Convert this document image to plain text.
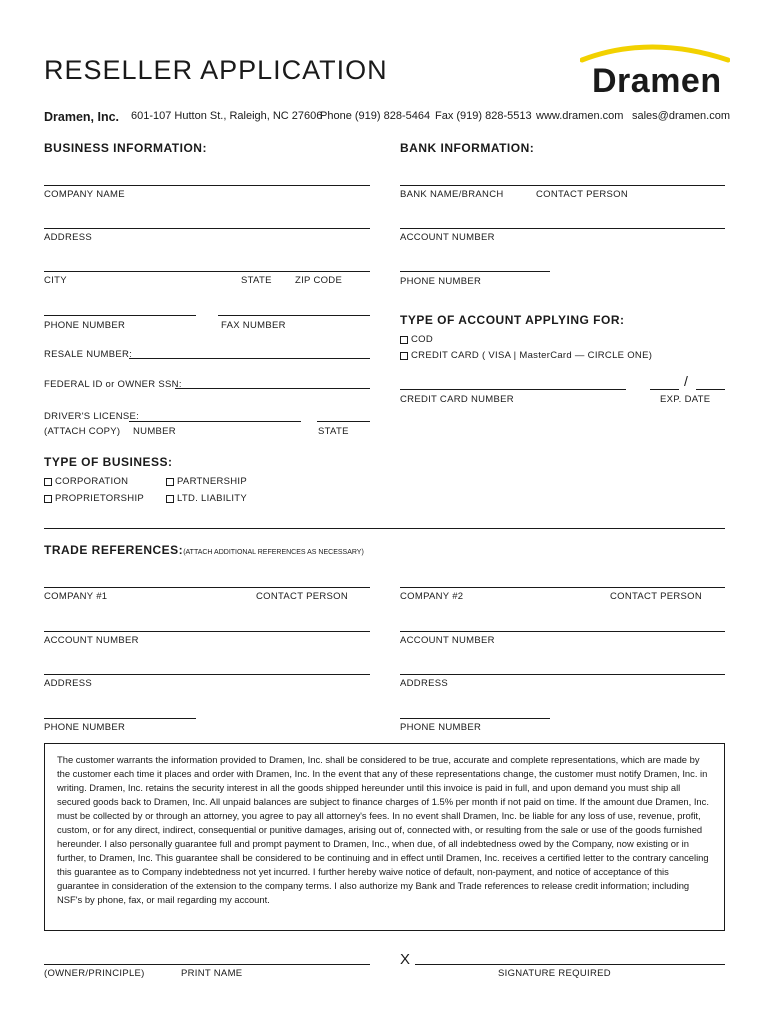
RESELLER APPLICATION	Dramen
Dramen, Inc. 601-107 Hutton St., Raleigh, NC 27606
Phone (919) 828-5464 Fax (919) 828-5513 www.dramen.com sales@dramen.com
BUSINESS INFORMATION:	BANK INFORMATION:
COMPANY NAME
ADDRESS
CITY	STATE ZIP CODE
PHONE NUMBER	FAX NUMBER
RESALE NUMBER:
FEDERAL ID or OWNER SSN:
DRIVER'S LICENSE:
(ATTACH COPY) NUMBER	STATE
TYPE OF BUSINESS:
CORPORATION	PARTNERSHIP
PROPRIETORSHIP	LTD. LIABILITY
BANK NAME/BRANCH	CONTACT PERSON
ACCOUNT NUMBER
PHONE NUMBER
TYPE OF ACCOUNT APPLYING FOR:
COD
CREDIT CARD ( VISA | MasterCard — CIRCLE ONE)
/
CREDIT CARD NUMBER	EXP. DATE
TRADE REFERENCES:(ATTACH ADDITIONAL REFERENCES AS NECESSARY)
COMPANY #1	CONTACT PERSON	COMPANY #2	CONTACT PERSON
ACCOUNT NUMBER	ACCOUNT NUMBER
ADDRESS	ADDRESS
PHONE NUMBER	PHONE NUMBER
The customer warrants the information provided to Dramen, Inc. shall be considered to be true, accurate and complete representations, which are made by the customer each time it places and order with Dramen, Inc. In the event that any of these representations change, the customer must notify Dramen, Inc. in writing. Dramen, Inc. retains the security interest in all the goods shipped hereunder until this invoice is paid in full, and upon demand you must ship all secured goods back to Dramen, Inc. All unpaid balances are subject to finance charges of 1.5% per month if not paid on time. If the amount due Dramen, Inc. must be collected by or through an attorney, you agree to pay all attorney's fees. In no event shall Dramen, Inc. be liable for any loss of use, revenue, profit, custom, or for any direct, indirect, consequential or punitive damages, arising out of, connected with, or resulting from the sale or use of the goods furnished hereunder. I also personally guarantee full and prompt payment to Dramen, Inc., when due, of all indebtedness owed by the Company, now existing or in further, to Dramen, Inc. This guarantee shall be considered to be continuing and in effect until Dramen, Inc. receives a certified letter to the contrary canceling this guarantee as to Company indebtedness not yet incurred. I further hereby waive notice of default, non-payment, and notice of acceptance of this guarantee in consideration of the extension to the company terms. I also authorize my Bank and Trade references to release credit information; including NSF's by phone, fax, or mail regarding my account.
(OWNER/PRINCIPLE)	PRINT NAME
X
SIGNATURE REQUIRED
